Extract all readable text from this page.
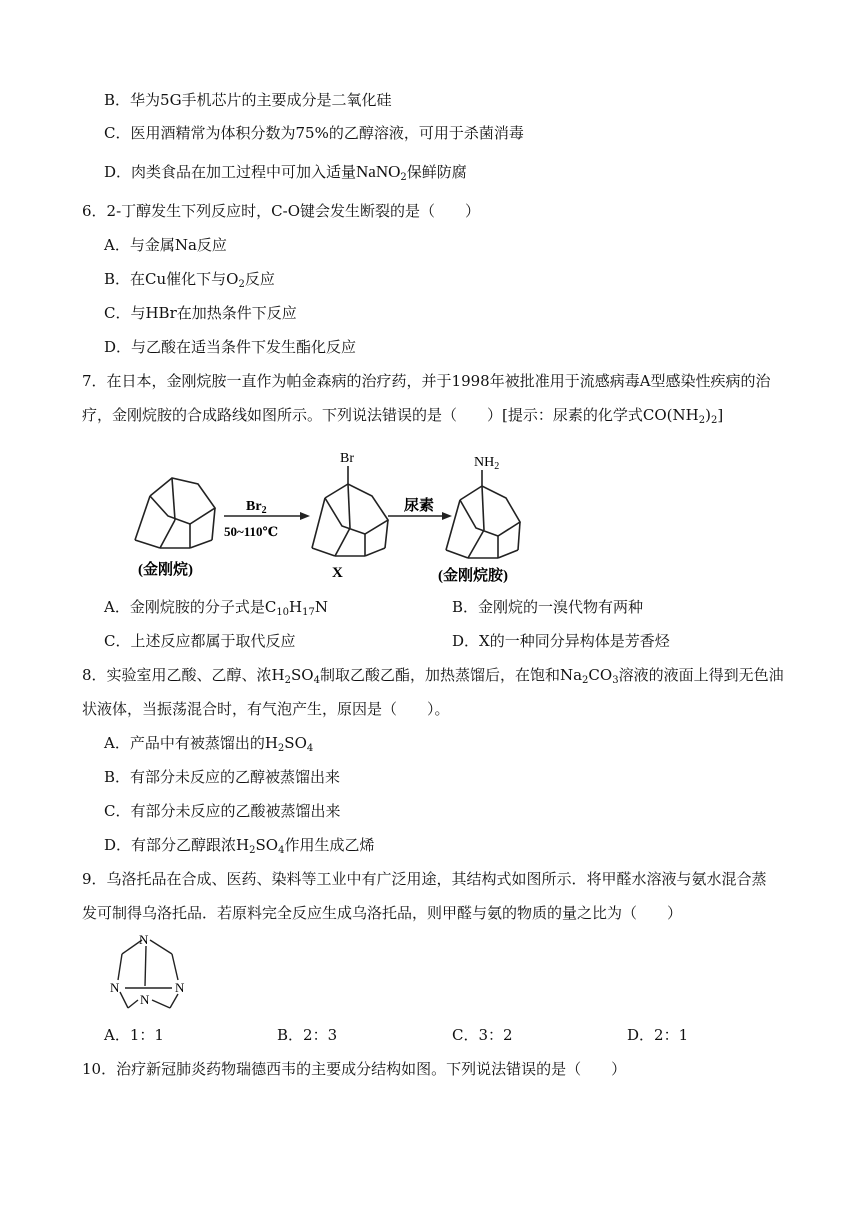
B．华为5G手机芯片的主要成分是二氧化硅
C．医用酒精常为体积分数为75%的乙醇溶液，可用于杀菌消毒
D．肉类食品在加工过程中可加入适量NaNO$_2$保鲜防腐
6．2-丁醇发生下列反应时，C-O键会发生断裂的是（　　）
A．与金属Na反应
B．在Cu催化下与$O_2$反应
C．与HBr在加热条件下反应
D．与乙酸在适当条件下发生酯化反应
7．在日本，金刚烷胺一直作为帕金森病的治疗药，并于1998年被批准用于流感病毒A型感染性疾病的治
疗，金刚烷胺的合成路线如图所示。下列说法错误的是（　　）[提示：尿素的化学式$CO(NH_2)_2$]
(金刚烷)
$Br_2$
50~110℃
Br
X
尿素
$NH_2$
(金刚烷胺)
A．金刚烷胺的分子式是$C_{10}H_{17}N$	B．金刚烷的一溴代物有两种
C．上述反应都属于取代反应	D．X的一种同分异构体是芳香烃
8．实验室用乙酸、乙醇、浓$H_2SO_4$制取乙酸乙酯，加热蒸馏后，在饱和$Na_2CO_3$溶液的液面上得到无色油
状液体，当振荡混合时，有气泡产生，原因是（　　）。
A．产品中有被蒸馏出的$H_2SO_4$
B．有部分未反应的乙醇被蒸馏出来
C．有部分未反应的乙酸被蒸馏出来
D．有部分乙醇跟浓$H_2SO_4$作用生成乙烯
9．乌洛托品在合成、医药、染料等工业中有广泛用途，其结构式如图所示．将甲醛水溶液与氨水混合蒸
发可制得乌洛托品．若原料完全反应生成乌洛托品，则甲醛与氨的物质的量之比为（　　）
N
N	N
N
A．1：1	B．2：3	C．3：2	D．2：1
10．治疗新冠肺炎药物瑞德西韦的主要成分结构如图。下列说法错误的是（　　）
